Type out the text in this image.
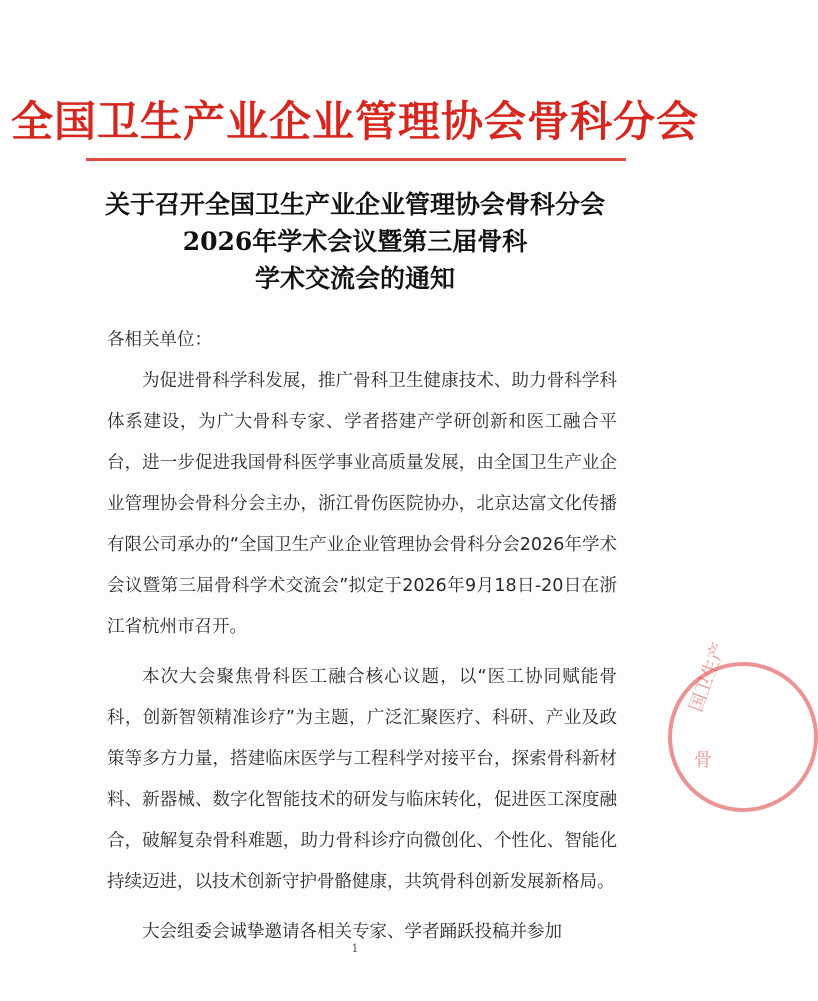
全国卫生产业企业管理协会骨科分会
关于召开全国卫生产业企业管理协会骨科分会
2026年学术会议暨第三届骨科
学术交流会的通知

各相关单位：

为促进骨科学科发展，推广骨科卫生健康技术、助力骨科学科体系建设，为广大骨科专家、学者搭建产学研创新和医工融合平台，进一步促进我国骨科医学事业高质量发展，由全国卫生产业企业管理协会骨科分会主办，浙江骨伤医院协办，北京达富文化传播有限公司承办的“全国卫生产业企业管理协会骨科分会2026年学术会议暨第三届骨科学术交流会”拟定于2026年9月18日-20日在浙江省杭州市召开。

本次大会聚焦骨科医工融合核心议题，以“医工协同赋能骨科，创新智领精准诊疗”为主题，广泛汇聚医疗、科研、产业及政策等多方力量，搭建临床医学与工程科学对接平台，探索骨科新材料、新器械、数字化智能技术的研发与临床转化，促进医工深度融合，破解复杂骨科难题，助力骨科诊疗向微创化、个性化、智能化持续迈进，以技术创新守护骨骼健康，共筑骨科创新发展新格局。

大会组委会诚挚邀请各相关专家、学者踊跃投稿并参加

1
国卫生产
骨
